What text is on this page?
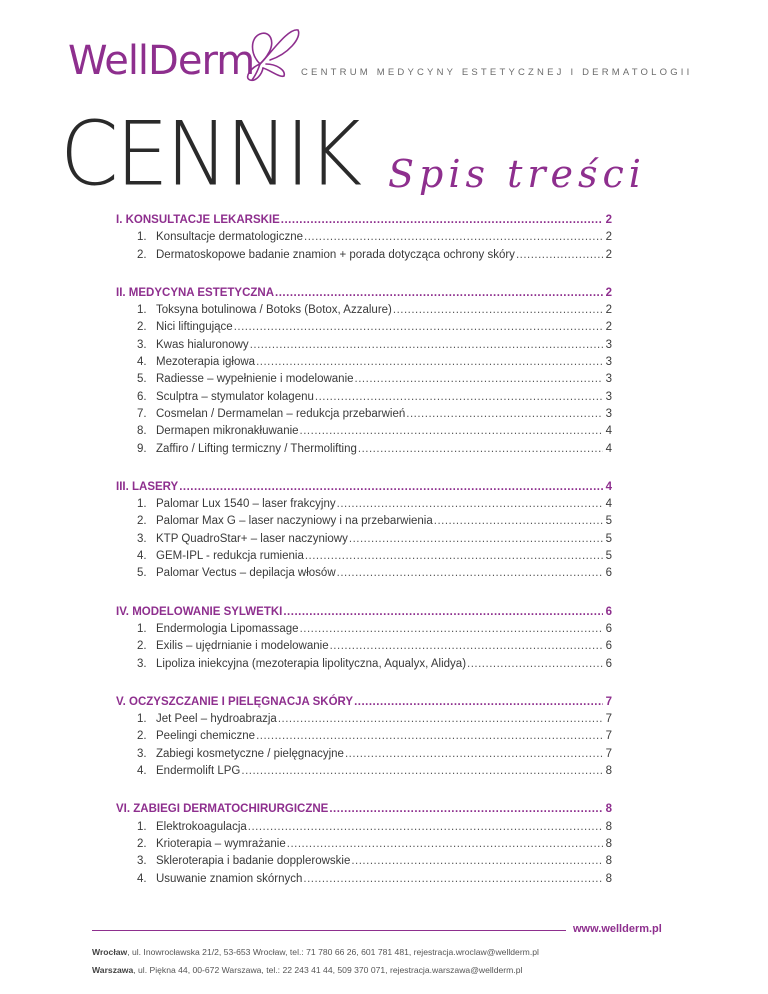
WellDerm	CENTRUM MEDYCYNY ESTETYCZNEJ I DERMATOLOGII
CENNIK Spis treści
I. KONSULTACJE LEKARSKIE .....	2
1. Konsultacje dermatologiczne .....	2
2. Dermatoskopowe badanie znamion + porada dotycząca ochrony skóry .....	2
II. MEDYCYNA ESTETYCZNA .....	2
1. Toksyna botulinowa / Botoks (Botox, Azzalure) .....	2
2. Nici liftingujące .....	2
3. Kwas hialuronowy .....	3
4. Mezoterapia igłowa .....	3
5. Radiesse – wypełnienie i modelowanie .....	3
6. Sculptra – stymulator kolagenu .....	3
7. Cosmelan / Dermamelan – redukcja przebarwień .....	3
8. Dermapen mikronakłuwanie .....	4
9. Zaffiro / Lifting termiczny / Thermolifting .....	4
III. LASERY .....	4
1. Palomar Lux 1540 – laser frakcyjny .....	4
2. Palomar Max G – laser naczyniowy i na przebarwienia .....	5
3. KTP QuadroStar+ – laser naczyniowy .....	5
4. GEM-IPL - redukcja rumienia .....	5
5. Palomar Vectus – depilacja włosów .....	6
IV. MODELOWANIE SYLWETKI .....	6
1. Endermologia Lipomassage .....	6
2. Exilis – ujędrnianie i modelowanie .....	6
3. Lipoliza iniekcyjna (mezoterapia lipolityczna, Aqualyx, Alidya) .....	6
V. OCZYSZCZANIE I PIELĘGNACJA SKÓRY .....	7
1. Jet Peel – hydroabrazja .....	7
2. Peelingi chemiczne .....	7
3. Zabiegi kosmetyczne / pielęgnacyjne .....	7
4. Endermolift LPG .....	8
VI. ZABIEGI DERMATOCHIRURGICZNE .....	8
1. Elektrokoagulacja .....	8
2. Krioterapia – wymrażanie .....	8
3. Skleroterapia i badanie dopplerowskie .....	8
4. Usuwanie znamion skórnych .....	8
www.wellderm.pl
Wrocław, ul. Inowrocławska 21/2, 53-653 Wrocław, tel.: 71 780 66 26, 601 781 481, rejestracja.wroclaw@wellderm.pl
Warszawa, ul. Piękna 44, 00-672 Warszawa, tel.: 22 243 41 44, 509 370 071, rejestracja.warszawa@wellderm.pl
